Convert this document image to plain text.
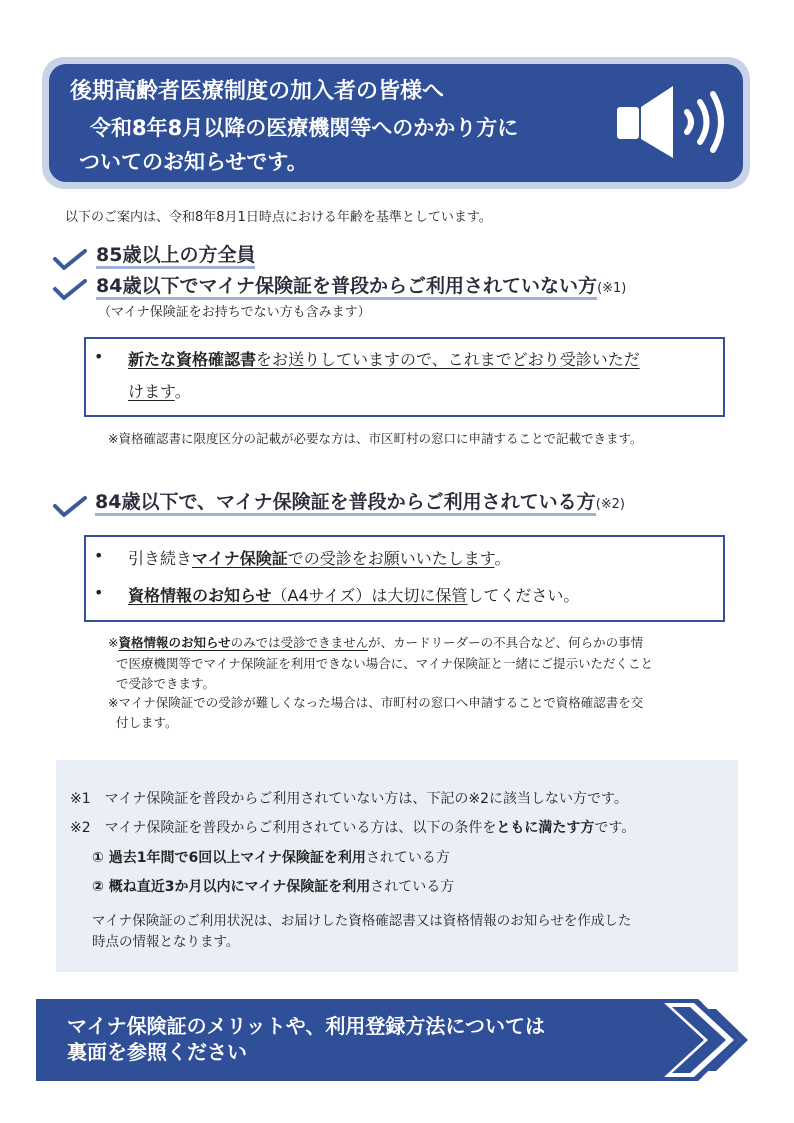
後期高齢者医療制度の加入者の皆様へ
令和8年8月以降の医療機関等へのかかり方に
ついてのお知らせです。
以下のご案内は、令和8年8月1日時点における年齢を基準としています。
85歳以上の方全員
84歳以下でマイナ保険証を普段からご利用されていない方(※1)
（マイナ保険証をお持ちでない方も含みます）
• 新たな資格確認書をお送りしていますので、これまでどおり受診いただ
けます。
※資格確認書に限度区分の記載が必要な方は、市区町村の窓口に申請することで記載できます。
84歳以下で、マイナ保険証を普段からご利用されている方(※2)
• 引き続きマイナ保険証での受診をお願いいたします。
• 資格情報のお知らせ（A4サイズ）は大切に保管してください。
※資格情報のお知らせのみでは受診できませんが、カードリーダーの不具合など、何らかの事情
で医療機関等でマイナ保険証を利用できない場合に、マイナ保険証と一緒にご提示いただくこと
で受診できます。
※マイナ保険証での受診が難しくなった場合は、市町村の窓口へ申請することで資格確認書を交
付します。
※1　マイナ保険証を普段からご利用されていない方は、下記の※2に該当しない方です。
※2　マイナ保険証を普段からご利用されている方は、以下の条件をともに満たす方です。
① 過去1年間で6回以上マイナ保険証を利用されている方
② 概ね直近3か月以内にマイナ保険証を利用されている方
マイナ保険証のご利用状況は、お届けした資格確認書又は資格情報のお知らせを作成した
時点の情報となります。
マイナ保険証のメリットや、利用登録方法については
裏面を参照ください
